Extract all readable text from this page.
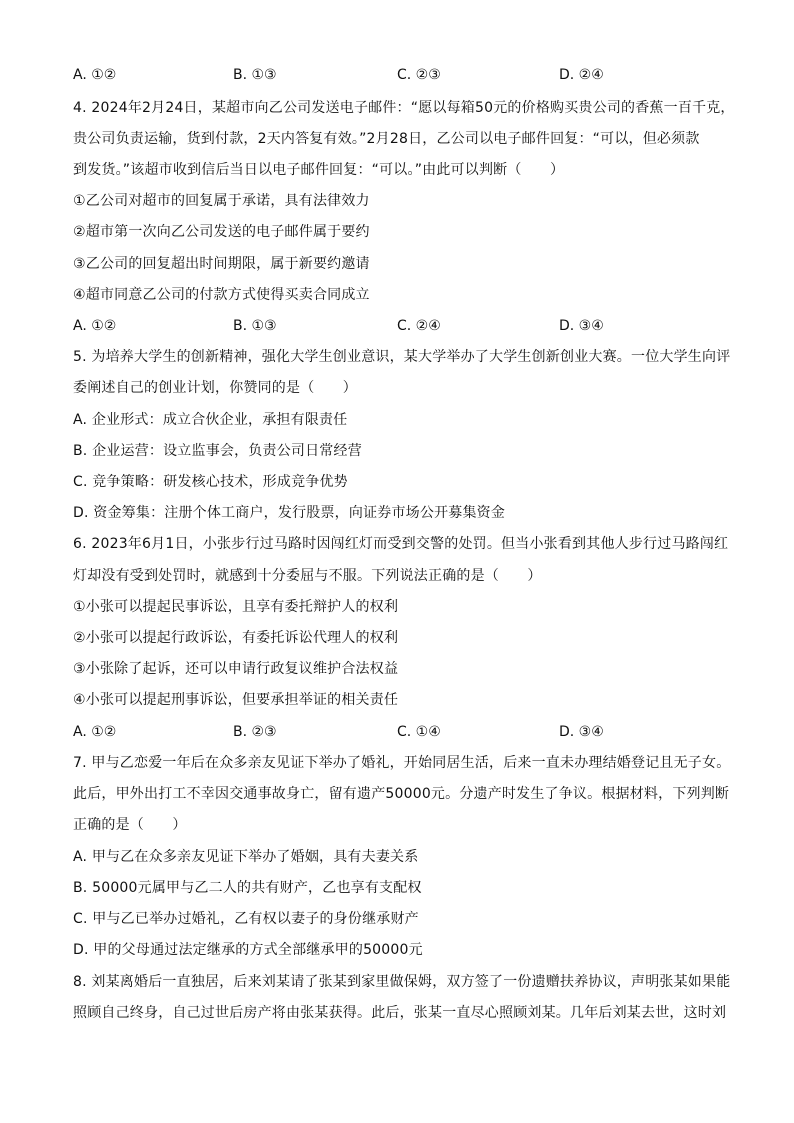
A. ①②	B. ①③	C. ②③	D. ②④
4. 2024年2月24日，某超市向乙公司发送电子邮件：“愿以每箱50元的价格购买贵公司的香蕉一百千克，
贵公司负责运输，货到付款，2天内答复有效。”2月28日，乙公司以电子邮件回复：“可以，但必须款
到发货。”该超市收到信后当日以电子邮件回复：“可以。”由此可以判断（　　）
①乙公司对超市的回复属于承诺，具有法律效力
②超市第一次向乙公司发送的电子邮件属于要约
③乙公司的回复超出时间期限，属于新要约邀请
④超市同意乙公司的付款方式使得买卖合同成立
A. ①②	B. ①③	C. ②④	D. ③④
5. 为培养大学生的创新精神，强化大学生创业意识，某大学举办了大学生创新创业大赛。一位大学生向评
委阐述自己的创业计划，你赞同的是（　　）
A. 企业形式：成立合伙企业，承担有限责任
B. 企业运营：设立监事会，负责公司日常经营
C. 竞争策略：研发核心技术，形成竞争优势
D. 资金筹集：注册个体工商户，发行股票，向证券市场公开募集资金
6. 2023年6月1日，小张步行过马路时因闯红灯而受到交警的处罚。但当小张看到其他人步行过马路闯红
灯却没有受到处罚时，就感到十分委屈与不服。下列说法正确的是（　　）
①小张可以提起民事诉讼，且享有委托辩护人的权利
②小张可以提起行政诉讼，有委托诉讼代理人的权利
③小张除了起诉，还可以申请行政复议维护合法权益
④小张可以提起刑事诉讼，但要承担举证的相关责任
A. ①②	B. ②③	C. ①④	D. ③④
7. 甲与乙恋爱一年后在众多亲友见证下举办了婚礼，开始同居生活，后来一直未办理结婚登记且无子女。
此后，甲外出打工不幸因交通事故身亡，留有遗产50000元。分遗产时发生了争议。根据材料，下列判断
正确的是（　　）
A. 甲与乙在众多亲友见证下举办了婚姻，具有夫妻关系
B. 50000元属甲与乙二人的共有财产，乙也享有支配权
C. 甲与乙已举办过婚礼，乙有权以妻子的身份继承财产
D. 甲的父母通过法定继承的方式全部继承甲的50000元
8. 刘某离婚后一直独居，后来刘某请了张某到家里做保姆，双方签了一份遗赠扶养协议，声明张某如果能
照顾自己终身，自己过世后房产将由张某获得。此后，张某一直尽心照顾刘某。几年后刘某去世，这时刘
